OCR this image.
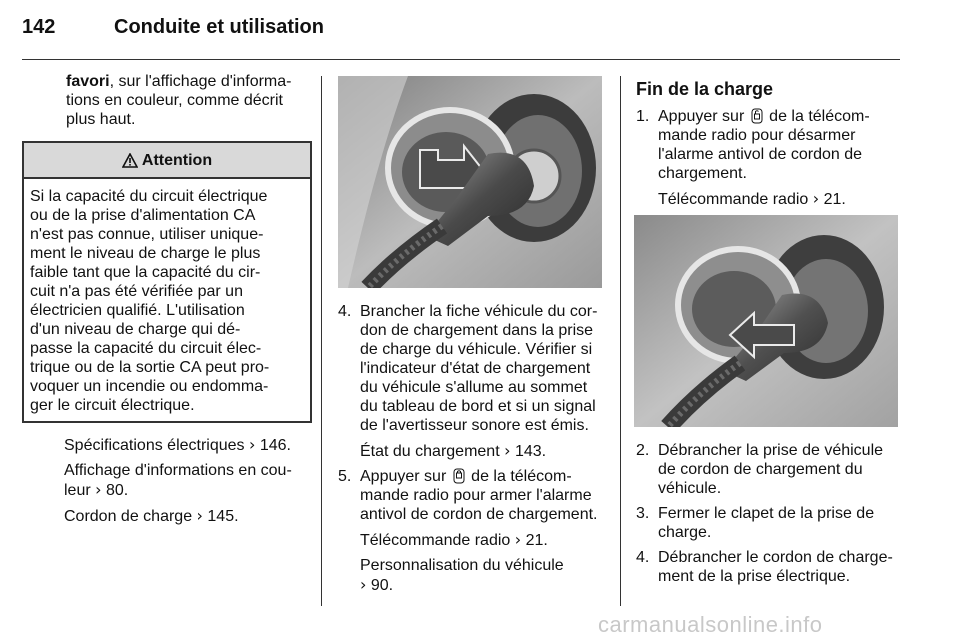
142	Conduite et utilisation
favori, sur l'affichage d'informa-
tions en couleur, comme décrit
plus haut.
Attention
Si la capacité du circuit électrique
ou de la prise d'alimentation CA
n'est pas connue, utiliser unique-
ment le niveau de charge le plus
faible tant que la capacité du cir-
cuit n'a pas été vérifiée par un
électricien qualifié. L'utilisation
d'un niveau de charge qui dé-
passe la capacité du circuit élec-
trique ou de la sortie CA peut pro-
voquer un incendie ou endomma-
ger le circuit électrique.

Spécifications électriques › 146.

Affichage d'informations en cou-
leur › 80.

Cordon de charge › 145.

4. Brancher la fiche véhicule du cor-
don de chargement dans la prise
de charge du véhicule. Vérifier si
l'indicateur d'état de chargement
du véhicule s'allume au sommet
du tableau de bord et si un signal
de l'avertisseur sonore est émis.

État du chargement › 143.

5. Appuyer sur de la télécom-
mande radio pour armer l'alarme
antivol de cordon de chargement.

Télécommande radio › 21.

Personnalisation du véhicule
› 90.

Fin de la charge
1. Appuyer sur de la télécom-
mande radio pour désarmer
l'alarme antivol de cordon de
chargement.

Télécommande radio › 21.

2. Débrancher la prise de véhicule
de cordon de chargement du
véhicule.
3. Fermer le clapet de la prise de
charge.
4. Débrancher le cordon de charge-
ment de la prise électrique.
carmanualsonline.info
